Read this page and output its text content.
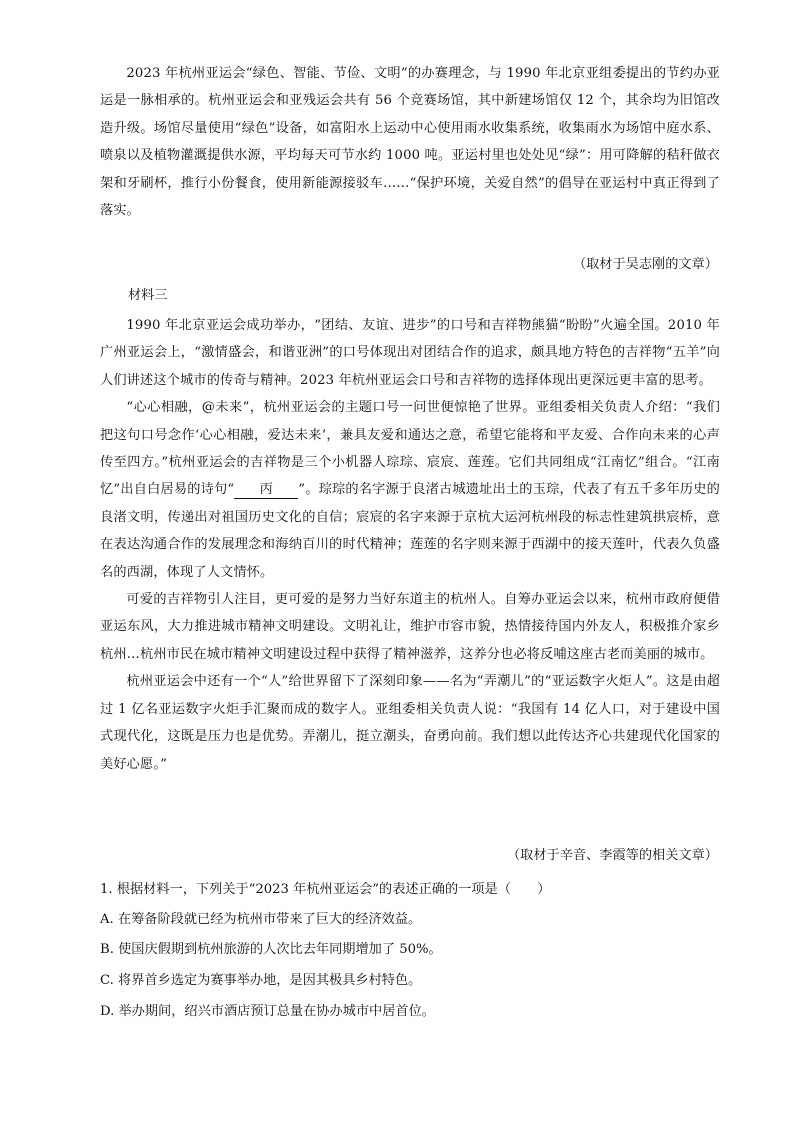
2023 年杭州亚运会“绿色、智能、节俭、文明”的办赛理念，与 1990 年北京亚组委提出的节约办亚运是一脉相承的。杭州亚运会和亚残运会共有 56 个竞赛场馆，其中新建场馆仅 12 个，其余均为旧馆改造升级。场馆尽量使用“绿色”设备，如富阳水上运动中心使用雨水收集系统，收集雨水为场馆中庭水系、喷泉以及植物灌溉提供水源，平均每天可节水约 1000 吨。亚运村里也处处见“绿”：用可降解的秸秆做衣架和牙刷杯，推行小份餐食，使用新能源接驳车……“保护环境，关爱自然”的倡导在亚运村中真正得到了落实。

（取材于吴志刚的文章）
材料三

1990 年北京亚运会成功举办，“团结、友谊、进步”的口号和吉祥物熊猫“盼盼”火遍全国。2010 年广州亚运会上，“激情盛会，和谐亚洲”的口号体现出对团结合作的追求，颇具地方特色的吉祥物“五羊”向人们讲述这个城市的传奇与精神。2023 年杭州亚运会口号和吉祥物的选择体现出更深远更丰富的思考。

“心心相融，@未来”，杭州亚运会的主题口号一问世便惊艳了世界。亚组委相关负责人介绍：“我们把这句口号念作‘心心相融，爱达未来’，兼具友爱和通达之意，希望它能将和平友爱、合作向未来的心声传至四方。”杭州亚运会的吉祥物是三个小机器人琮琮、宸宸、莲莲。它们共同组成“江南忆”组合。“江南忆”出自白居易的诗句“ 丙 ”。琮琮的名字源于良渚古城遗址出土的玉琮，代表了有五千多年历史的良渚文明，传递出对祖国历史文化的自信；宸宸的名字来源于京杭大运河杭州段的标志性建筑拱宸桥，意在表达沟通合作的发展理念和海纳百川的时代精神；莲莲的名字则来源于西湖中的接天莲叶，代表久负盛名的西湖，体现了人文情怀。

可爱的吉祥物引人注目，更可爱的是努力当好东道主的杭州人。自筹办亚运会以来，杭州市政府便借亚运东风，大力推进城市精神文明建设。文明礼让，维护市容市貌，热情接待国内外友人，积极推介家乡杭州…杭州市民在城市精神文明建设过程中获得了精神滋养，这养分也必将反哺这座古老而美丽的城市。

杭州亚运会中还有一个“人”给世界留下了深刻印象——名为“弄潮儿”的“亚运数字火炬人”。这是由超过 1 亿名亚运数字火炬手汇聚而成的数字人。亚组委相关负责人说：“我国有 14 亿人口，对于建设中国式现代化，这既是压力也是优势。弄潮儿，挺立潮头，奋勇向前。我们想以此传达齐心共建现代化国家的美好心愿。”

（取材于辛音、李霞等的相关文章）
1. 根据材料一，下列关于“2023 年杭州亚运会”的表述正确的一项是（　　）
A. 在筹备阶段就已经为杭州市带来了巨大的经济效益。
B. 使国庆假期到杭州旅游的人次比去年同期增加了 50%。
C. 将界首乡选定为赛事举办地，是因其极具乡村特色。
D. 举办期间，绍兴市酒店预订总量在协办城市中居首位。
